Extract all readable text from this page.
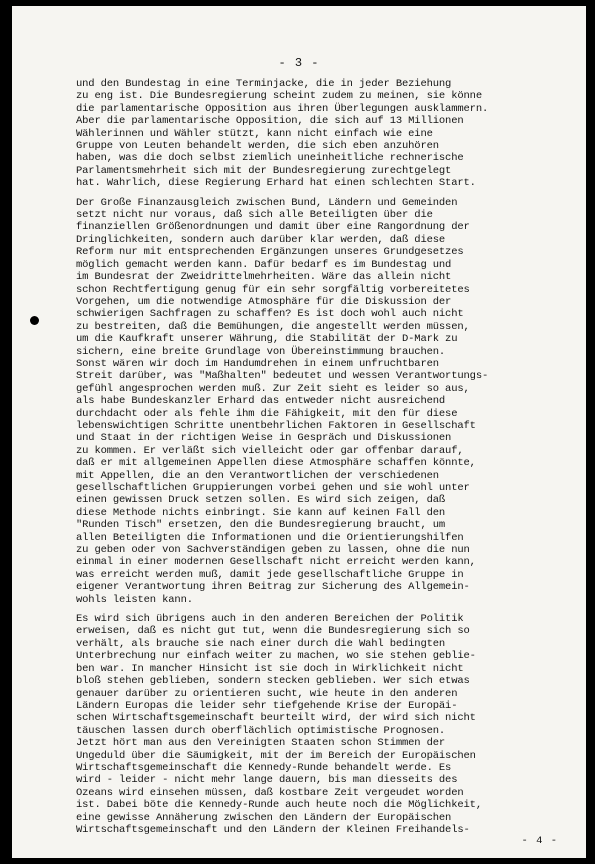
- 3 -
und den Bundestag in eine Terminjacke, die in jeder Beziehung
zu eng ist. Die Bundesregierung scheint zudem zu meinen, sie könne
die parlamentarische Opposition aus ihren Überlegungen ausklammern.
Aber die parlamentarische Opposition, die sich auf 13 Millionen
Wählerinnen und Wähler stützt, kann nicht einfach wie eine
Gruppe von Leuten behandelt werden, die sich eben anzuhören
haben, was die doch selbst ziemlich uneinheitliche rechnerische
Parlamentsmehrheit sich mit der Bundesregierung zurechtgelegt
hat. Wahrlich, diese Regierung Erhard hat einen schlechten Start.
Der Große Finanzausgleich zwischen Bund, Ländern und Gemeinden
setzt nicht nur voraus, daß sich alle Beteiligten über die
finanziellen Größenordnungen und damit über eine Rangordnung der
Dringlichkeiten, sondern auch darüber klar werden, daß diese
Reform nur mit entsprechenden Ergänzungen unseres Grundgesetzes
möglich gemacht werden kann. Dafür bedarf es im Bundestag und
im Bundesrat der Zweidrittelmehrheiten. Wäre das allein nicht
schon Rechtfertigung genug für ein sehr sorgfältig vorbereitetes
Vorgehen, um die notwendige Atmosphäre für die Diskussion der
schwierigen Sachfragen zu schaffen? Es ist doch wohl auch nicht
zu bestreiten, daß die Bemühungen, die angestellt werden müssen,
um die Kaufkraft unserer Währung, die Stabilität der D-Mark zu
sichern, eine breite Grundlage von Übereinstimmung brauchen.
Sonst wären wir doch im Handumdrehen in einem unfruchtbaren
Streit darüber, was "Maßhalten" bedeutet und wessen Verantwortungs-
gefühl angesprochen werden muß. Zur Zeit sieht es leider so aus,
als habe Bundeskanzler Erhard das entweder nicht ausreichend
durchdacht oder als fehle ihm die Fähigkeit, mit den für diese
lebenswichtigen Schritte unentbehrlichen Faktoren in Gesellschaft
und Staat in der richtigen Weise in Gespräch und Diskussionen
zu kommen. Er verläßt sich vielleicht oder gar offenbar darauf,
daß er mit allgemeinen Appellen diese Atmosphäre schaffen könnte,
mit Appellen, die an den Verantwortlichen der verschiedenen
gesellschaftlichen Gruppierungen vorbei gehen und sie wohl unter
einen gewissen Druck setzen sollen. Es wird sich zeigen, daß
diese Methode nichts einbringt. Sie kann auf keinen Fall den
"Runden Tisch" ersetzen, den die Bundesregierung braucht, um
allen Beteiligten die Informationen und die Orientierungshilfen
zu geben oder von Sachverständigen geben zu lassen, ohne die nun
einmal in einer modernen Gesellschaft nicht erreicht werden kann,
was erreicht werden muß, damit jede gesellschaftliche Gruppe in
eigener Verantwortung ihren Beitrag zur Sicherung des Allgemein-
wohls leisten kann.
Es wird sich übrigens auch in den anderen Bereichen der Politik
erweisen, daß es nicht gut tut, wenn die Bundesregierung sich so
verhält, als brauche sie nach einer durch die Wahl bedingten
Unterbrechung nur einfach weiter zu machen, wo sie stehen geblie-
ben war. In mancher Hinsicht ist sie doch in Wirklichkeit nicht
bloß stehen geblieben, sondern stecken geblieben. Wer sich etwas
genauer darüber zu orientieren sucht, wie heute in den anderen
Ländern Europas die leider sehr tiefgehende Krise der Europäi-
schen Wirtschaftsgemeinschaft beurteilt wird, der wird sich nicht
täuschen lassen durch oberflächlich optimistische Prognosen.
Jetzt hört man aus den Vereinigten Staaten schon Stimmen der
Ungeduld über die Säumigkeit, mit der im Bereich der Europäischen
Wirtschaftsgemeinschaft die Kennedy-Runde behandelt werde. Es
wird - leider - nicht mehr lange dauern, bis man diesseits des
Ozeans wird einsehen müssen, daß kostbare Zeit vergeudet worden
ist. Dabei böte die Kennedy-Runde auch heute noch die Möglichkeit,
eine gewisse Annäherung zwischen den Ländern der Europäischen
Wirtschaftsgemeinschaft und den Ländern der Kleinen Freihandels-
- 4 -
